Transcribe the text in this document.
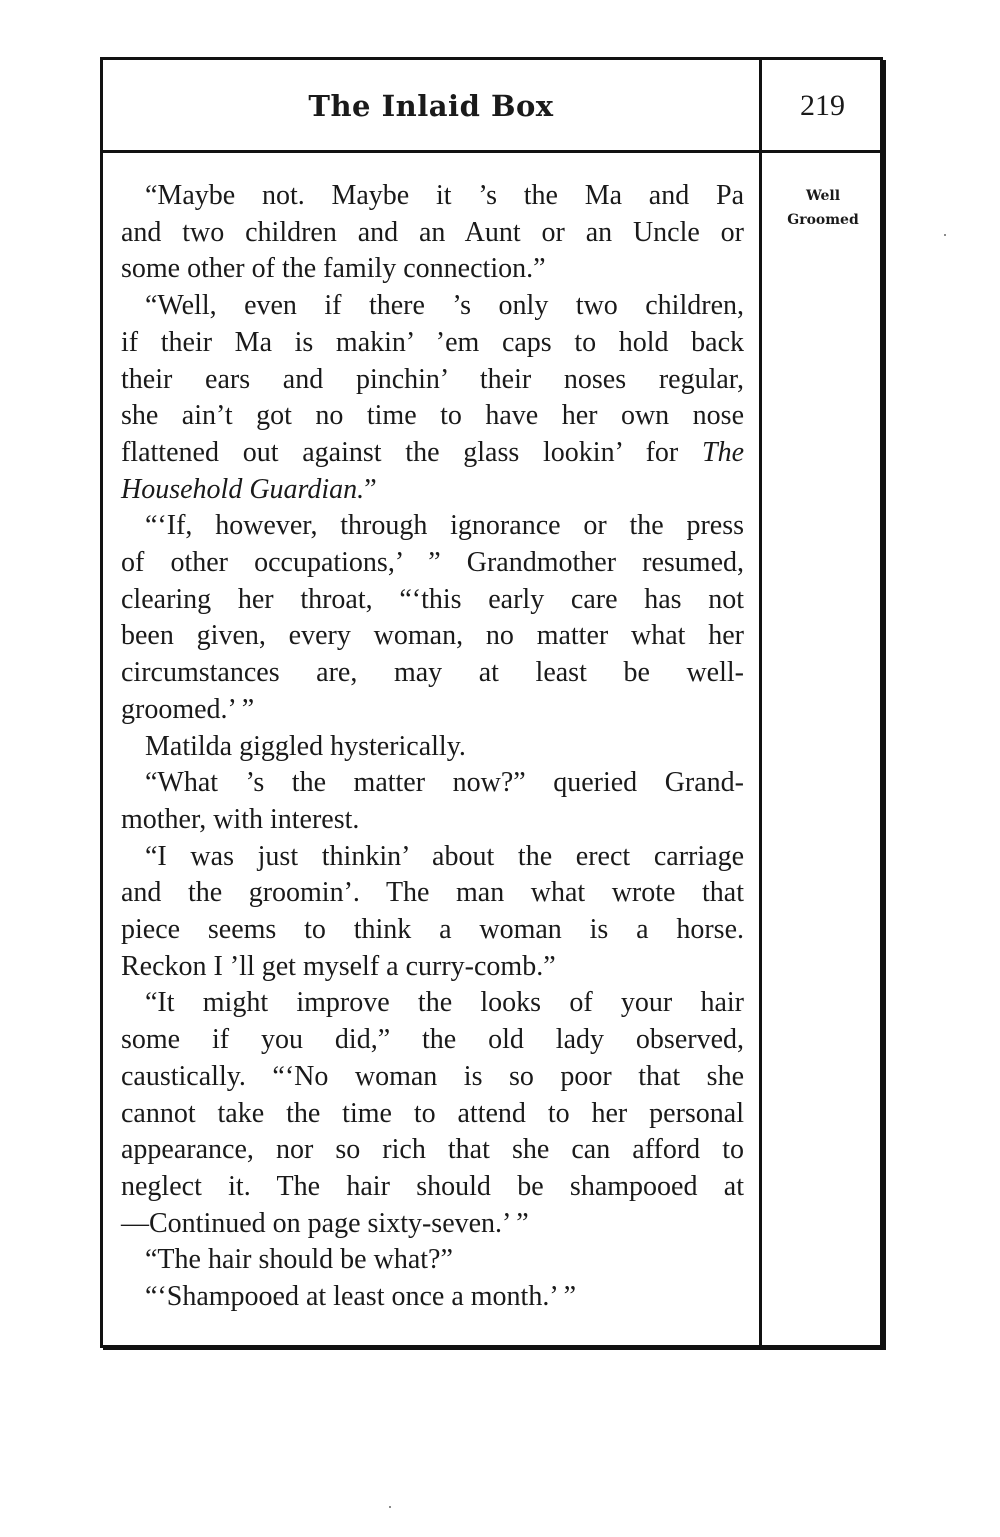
The Inlaid Box	219
Well
Groomed
“Maybe not. Maybe it ’s the Ma and Pa
and two children and an Aunt or an Uncle or
some other of the family connection.”
“Well, even if there ’s only two children,
if their Ma is makin’ ’em caps to hold back
their ears and pinchin’ their noses regular,
she ain’t got no time to have her own nose
flattened out against the glass lookin’ for The
Household Guardian.”
“‘If, however, through ignorance or the press
of other occupations,’ ” Grandmother resumed,
clearing her throat, “‘this early care has not
been given, every woman, no matter what her
circumstances are, may at least be well-
groomed.’ ”
Matilda giggled hysterically.
“What ’s the matter now?” queried Grand-
mother, with interest.
“I was just thinkin’ about the erect carriage
and the groomin’. The man what wrote that
piece seems to think a woman is a horse.
Reckon I ’ll get myself a curry-comb.”
“It might improve the looks of your hair
some if you did,” the old lady observed,
caustically. “‘No woman is so poor that she
cannot take the time to attend to her personal
appearance, nor so rich that she can afford to
neglect it. The hair should be shampooed at
—Continued on page sixty-seven.’ ”
“The hair should be what?”
“‘Shampooed at least once a month.’ ”
